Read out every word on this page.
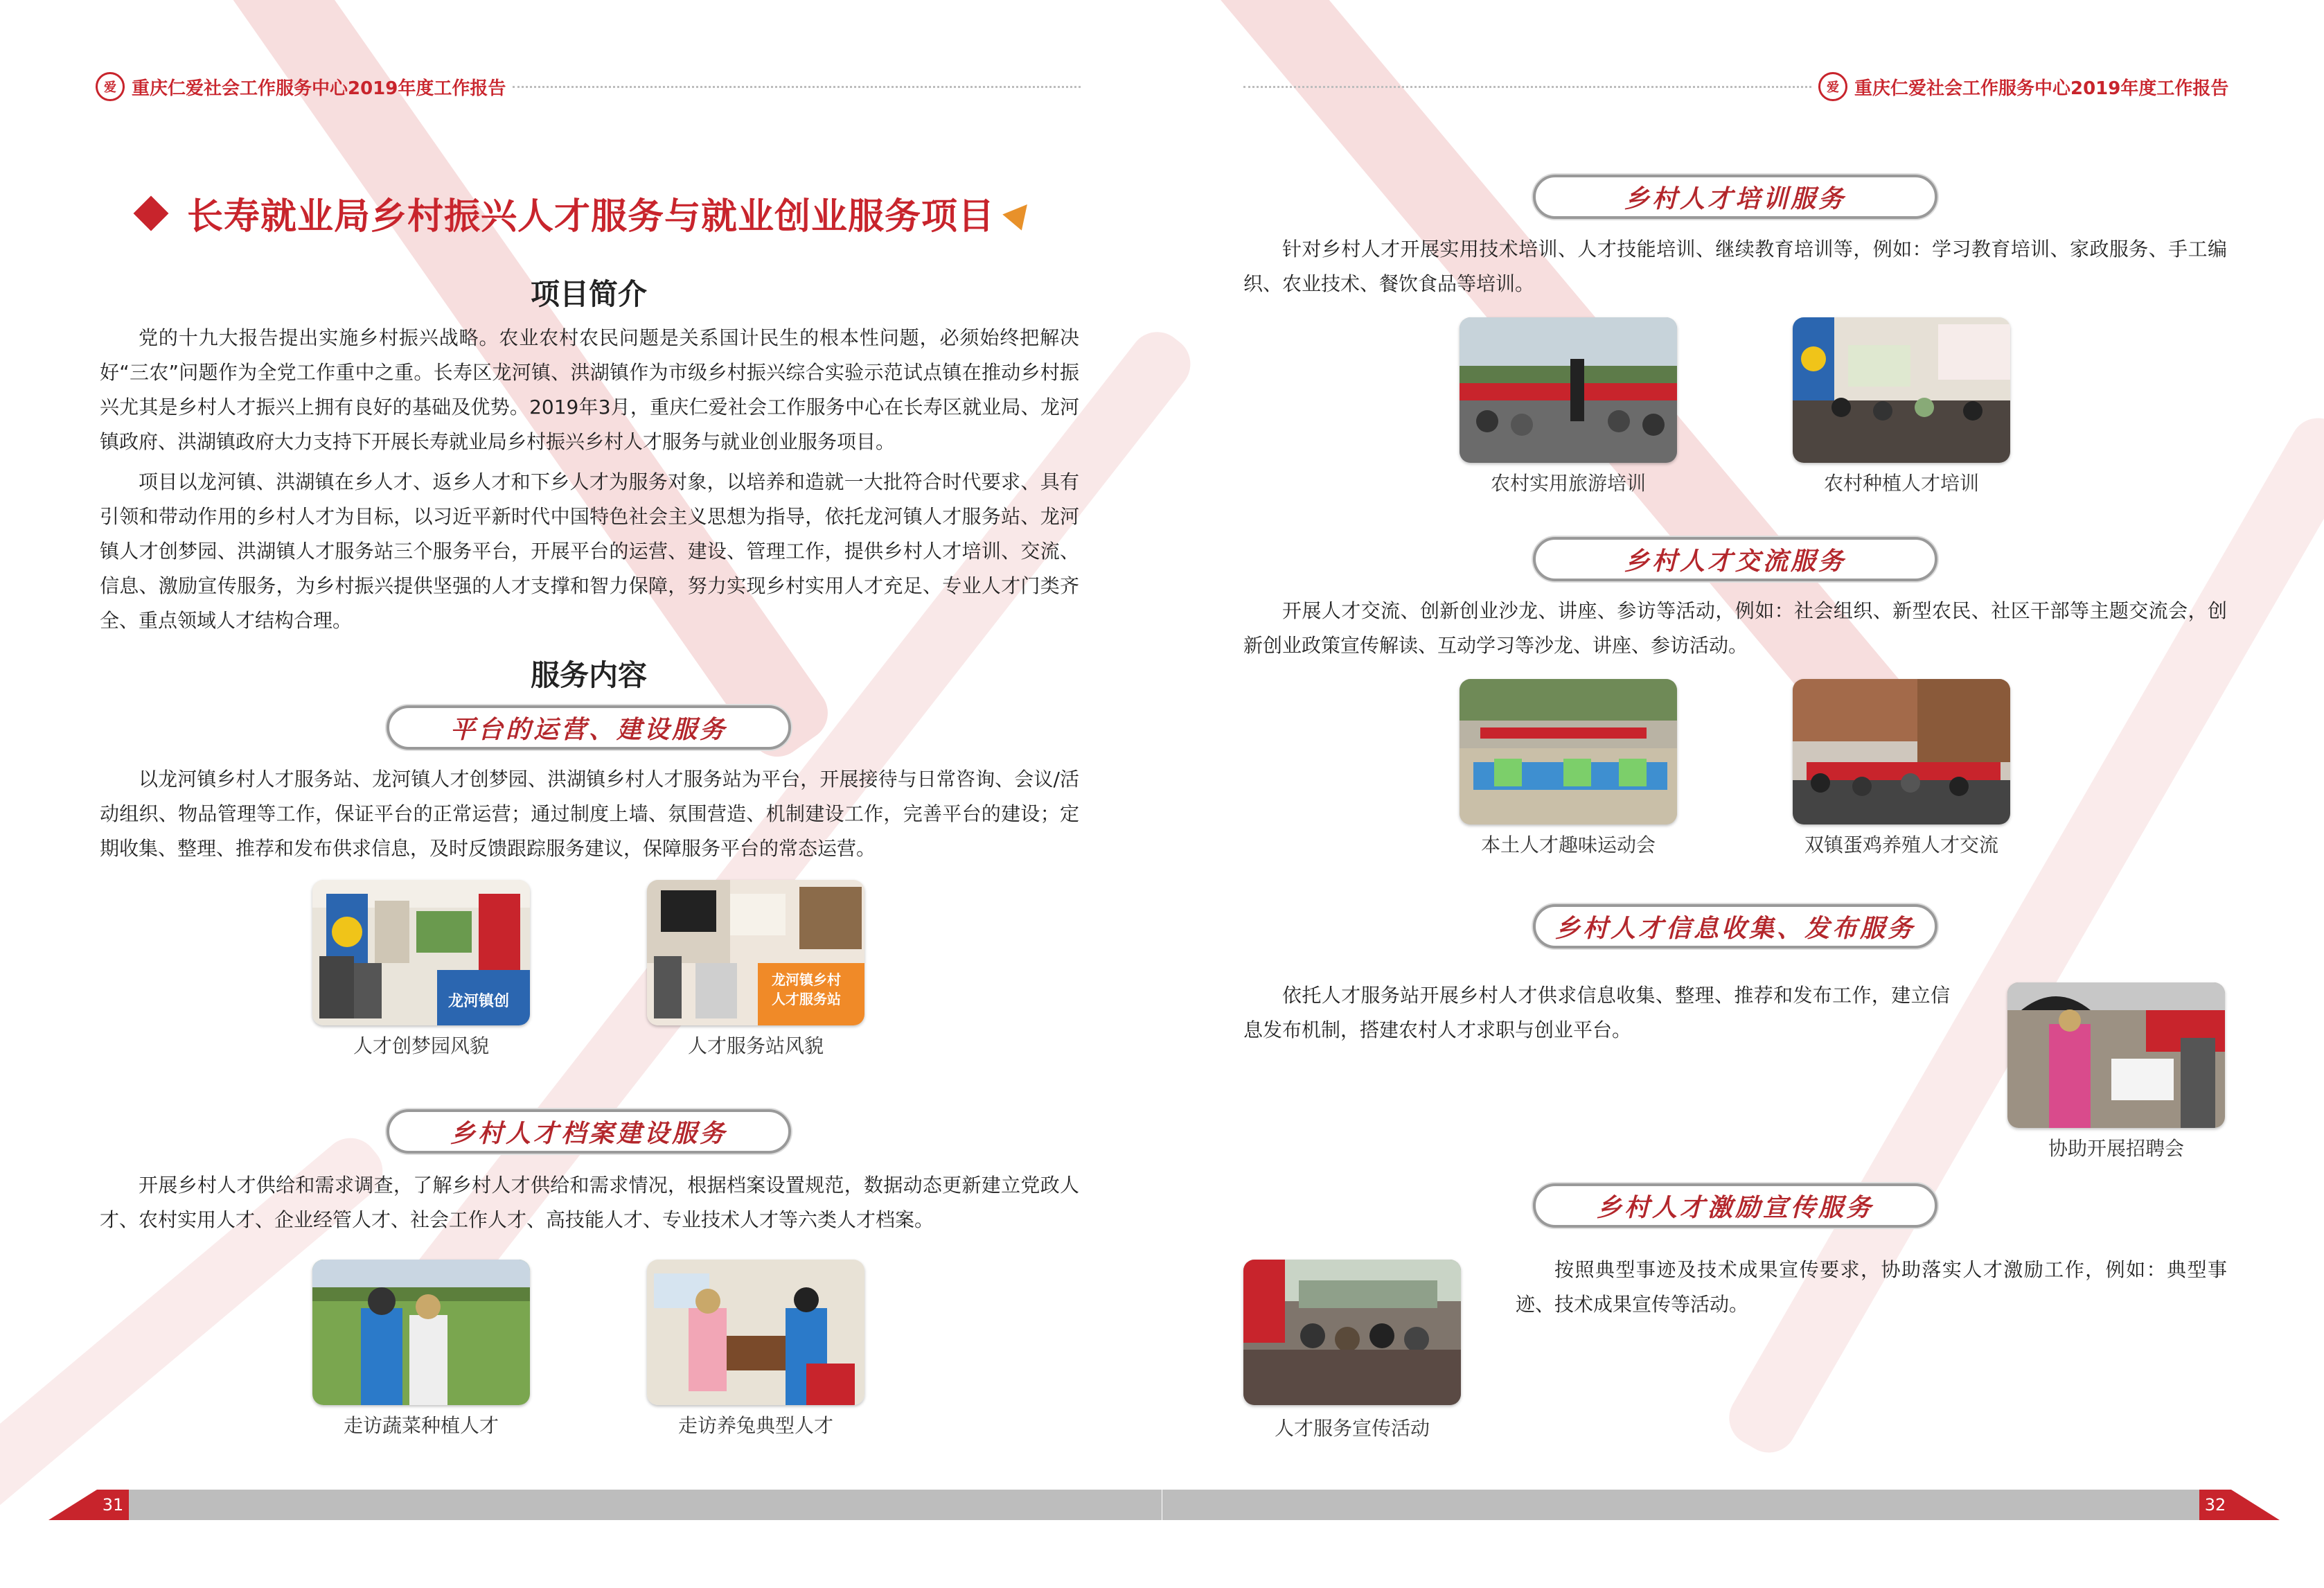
爱 重庆仁爱社会工作服务中心2019年度工作报告
长寿就业局乡村振兴人才服务与就业创业服务项目
项目简介

党的十九大报告提出实施乡村振兴战略。农业农村农民问题是关系国计民生的根本性问题，必须始终把解决好“三农”问题作为全党工作重中之重。长寿区龙河镇、洪湖镇作为市级乡村振兴综合实验示范试点镇在推动乡村振兴尤其是乡村人才振兴上拥有良好的基础及优势。2019年3月，重庆仁爱社会工作服务中心在长寿区就业局、龙河镇政府、洪湖镇政府大力支持下开展长寿就业局乡村振兴乡村人才服务与就业创业服务项目。

项目以龙河镇、洪湖镇在乡人才、返乡人才和下乡人才为服务对象，以培养和造就一大批符合时代要求、具有引领和带动作用的乡村人才为目标，以习近平新时代中国特色社会主义思想为指导，依托龙河镇人才服务站、龙河镇人才创梦园、洪湖镇人才服务站三个服务平台，开展平台的运营、建设、管理工作，提供乡村人才培训、交流、信息、激励宣传服务，为乡村振兴提供坚强的人才支撑和智力保障，努力实现乡村实用人才充足、专业人才门类齐全、重点领域人才结构合理。

服务内容
平台的运营、建设服务

以龙河镇乡村人才服务站、龙河镇人才创梦园、洪湖镇乡村人才服务站为平台，开展接待与日常咨询、会议/活动组织、物品管理等工作，保证平台的正常运营；通过制度上墙、氛围营造、机制建设工作，完善平台的建设；定期收集、整理、推荐和发布供求信息，及时反馈跟踪服务建议，保障服务平台的常态运营。

龙河镇创
人才创梦园风貌
龙河镇乡村
人才服务站
人才服务站风貌
乡村人才档案建设服务

开展乡村人才供给和需求调查，了解乡村人才供给和需求情况，根据档案设置规范，数据动态更新建立党政人才、农村实用人才、企业经管人才、社会工作人才、高技能人才、专业技术人才等六类人才档案。

走访蔬菜种植人才	走访养兔典型人才
31
爱 重庆仁爱社会工作服务中心2019年度工作报告
乡村人才培训服务

针对乡村人才开展实用技术培训、人才技能培训、继续教育培训等，例如：学习教育培训、家政服务、手工编织、农业技术、餐饮食品等培训。

农村实用旅游培训	农村种植人才培训
乡村人才交流服务

开展人才交流、创新创业沙龙、讲座、参访等活动，例如：社会组织、新型农民、社区干部等主题交流会，创新创业政策宣传解读、互动学习等沙龙、讲座、参访活动。

本土人才趣味运动会	双镇蛋鸡养殖人才交流
乡村人才信息收集、发布服务

依托人才服务站开展乡村人才供求信息收集、整理、推荐和发布工作，建立信息发布机制，搭建农村人才求职与创业平台。

协助开展招聘会
乡村人才激励宣传服务
人才服务宣传活动

按照典型事迹及技术成果宣传要求，协助落实人才激励工作，例如：典型事迹、技术成果宣传等活动。

32
